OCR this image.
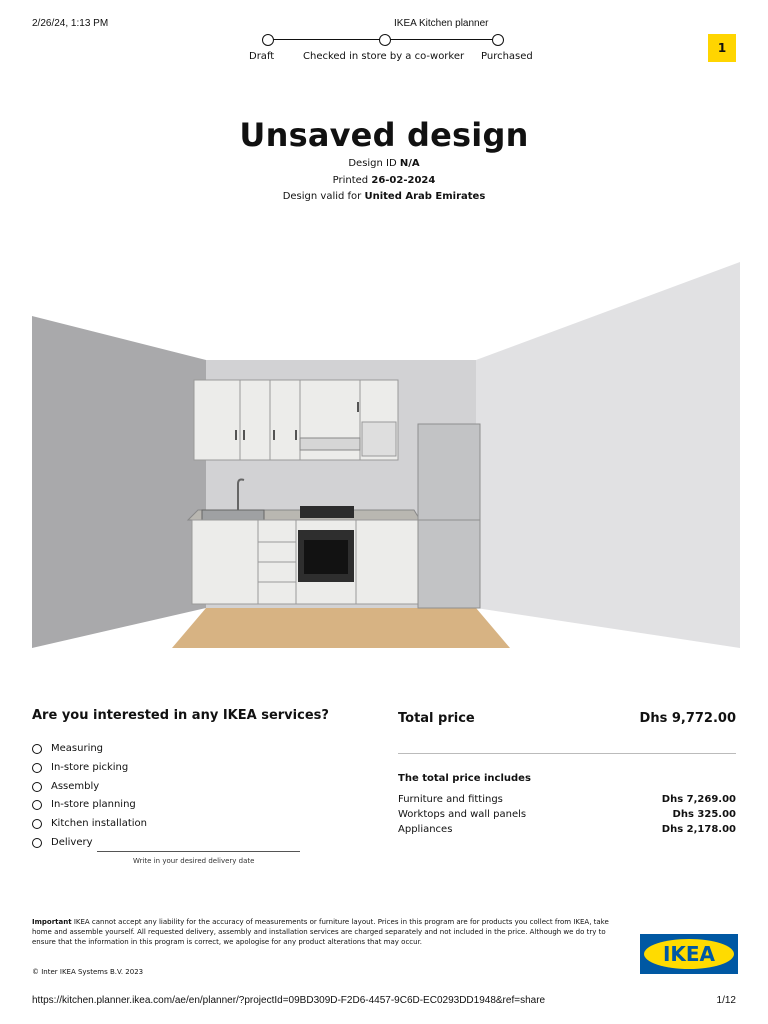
2/26/24, 1:13 PM	IKEA Kitchen planner
1
Draft	Checked in store by a co-worker Purchased
Unsaved design
Design ID N/A
Printed 26-02-2024
Design valid for United Arab Emirates
Are you interested in any IKEA services?
Measuring
In-store picking
Assembly
In-store planning
Kitchen installation
Delivery
Write in your desired delivery date
Total price	Dhs 9,772.00
The total price includes
Furniture and fittings	Dhs 7,269.00
Worktops and wall panels	Dhs 325.00
Appliances	Dhs 2,178.00
Important IKEA cannot accept any liability for the accuracy of measurements or furniture layout. Prices in this program are for products you collect from IKEA, take home and assemble yourself. All requested delivery, assembly and installation services are charged separately and not included in the price. Although we do try to ensure that the information in this program is correct, we apologise for any product alterations that may occur.
© Inter IKEA Systems B.V. 2023
IKEA
https://kitchen.planner.ikea.com/ae/en/planner/?projectId=09BD309D-F2D6-4457-9C6D-EC0293DD1948&ref=share	1/12
